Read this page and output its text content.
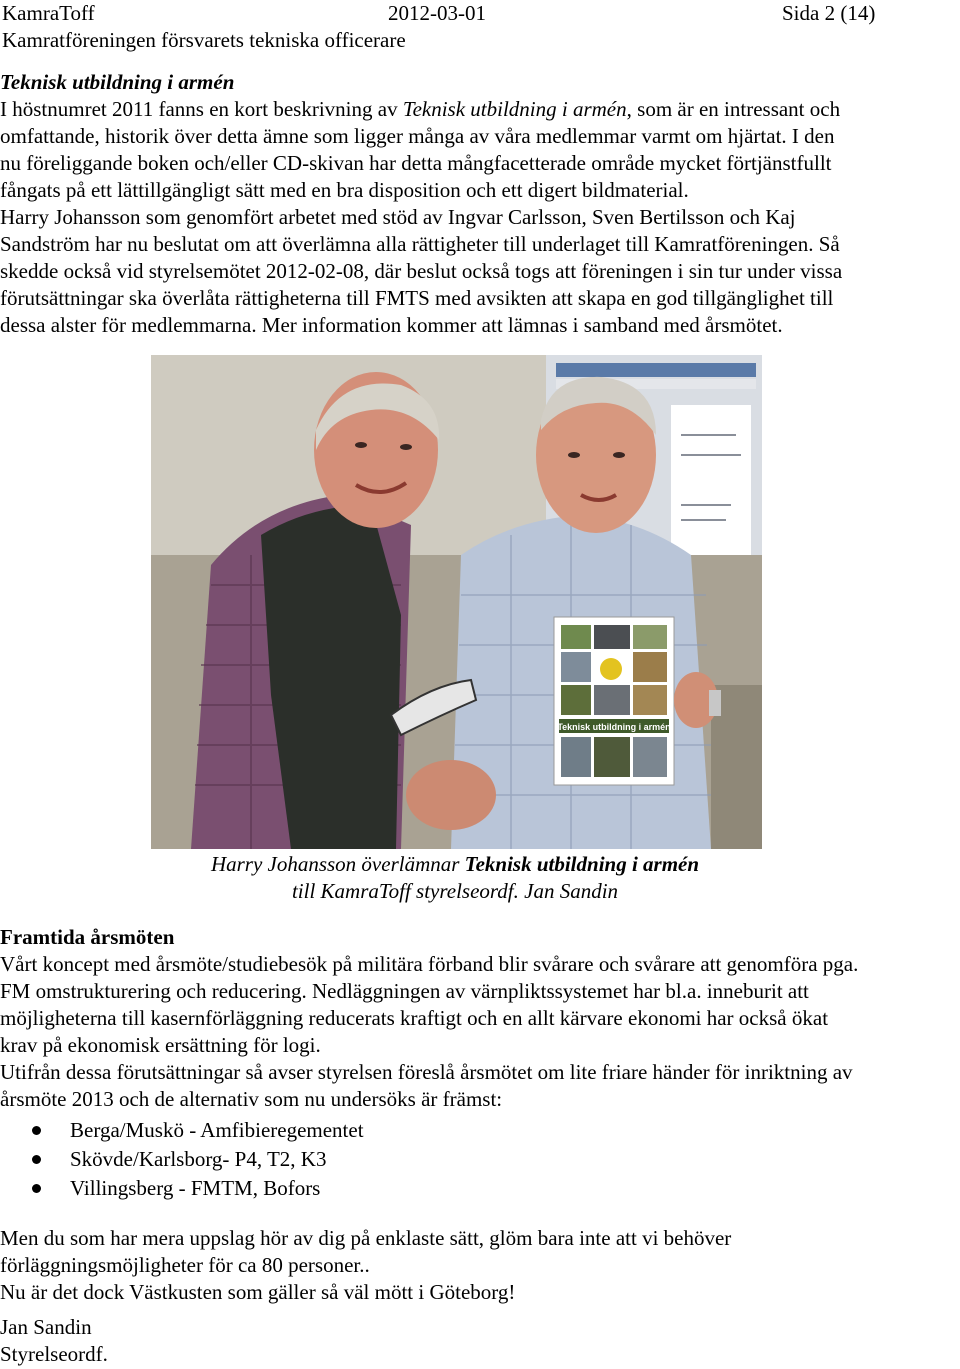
KamraToff	2012-03-01	Sida 2 (14)
Kamratföreningen försvarets tekniska officerare

Teknisk utbildning i armén

I höstnumret 2011 fanns en kort beskrivning av Teknisk utbildning i armén, som är en intressant och

omfattande, historik över detta ämne som ligger många av våra medlemmar varmt om hjärtat. I den

nu föreliggande boken och/eller CD-skivan har detta mångfacetterade område mycket förtjänstfullt

fångats på ett lättillgängligt sätt med en bra disposition och ett digert bildmaterial.

Harry Johansson som genomfört arbetet med stöd av Ingvar Carlsson, Sven Bertilsson och Kaj

Sandström har nu beslutat om att överlämna alla rättigheter till underlaget till Kamratföreningen. Så

skedde också vid styrelsemötet 2012-02-08, där beslut också togs att föreningen i sin tur under vissa

förutsättningar ska överlåta rättigheterna till FMTS med avsikten att skapa en god tillgänglighet till

dessa alster för medlemmarna. Mer information kommer att lämnas i samband med årsmötet.

Teknisk utbildning i armén
Harry Johansson överlämnar Teknisk utbildning i armén
till KamraToff styrelseordf. Jan Sandin

Framtida årsmöten

Vårt koncept med årsmöte/studiebesök på militära förband blir svårare och svårare att genomföra pga.

FM omstrukturering och reducering. Nedläggningen av värnpliktssystemet har bl.a. inneburit att

möjligheterna till kasernförläggning reducerats kraftigt och en allt kärvare ekonomi har också ökat

krav på ekonomisk ersättning för logi.

Utifrån dessa förutsättningar så avser styrelsen föreslå årsmötet om lite friare händer för inriktning av

årsmöte 2013 och de alternativ som nu undersöks är främst:

Berga/Muskö - Amfibieregementet
Skövde/Karlsborg- P4, T2, K3
Villingsberg - FMTM, Bofors

Men du som har mera uppslag hör av dig på enklaste sätt, glöm bara inte att vi behöver

förläggningsmöjligheter för ca 80 personer..

Nu är det dock Västkusten som gäller så väl mött i Göteborg!

Jan Sandin
Styrelseordf.
